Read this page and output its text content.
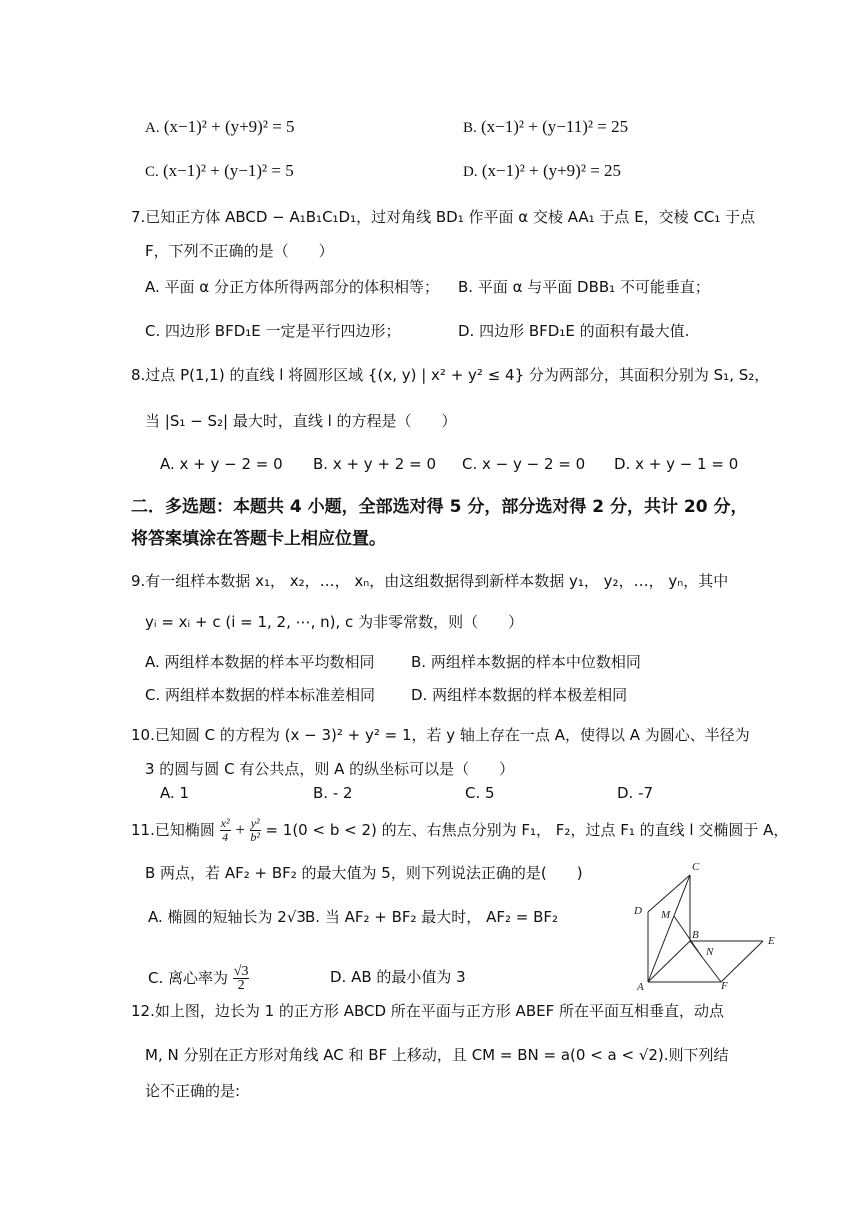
A. (x−1)² + (y+9)² = 5	B. (x−1)² + (y−11)² = 25
C. (x−1)² + (y−1)² = 5	D. (x−1)² + (y+9)² = 25
7.已知正方体 ABCD − A₁B₁C₁D₁，过对角线 BD₁ 作平面 α 交棱 AA₁ 于点 E，交棱 CC₁ 于点
F，下列不正确的是（　　）
A. 平面 α 分正方体所得两部分的体积相等； B. 平面 α 与平面 DBB₁ 不可能垂直；
C. 四边形 BFD₁E 一定是平行四边形；	D. 四边形 BFD₁E 的面积有最大值.
8.过点 P(1,1) 的直线 l 将圆形区域 {(x, y) | x² + y² ≤ 4} 分为两部分，其面积分别为 S₁, S₂，
当 |S₁ − S₂| 最大时，直线 l 的方程是（　　）
A. x + y − 2 = 0 B. x + y + 2 = 0 C. x − y − 2 = 0 D. x + y − 1 = 0
二．多选题：本题共 4 小题，全部选对得 5 分，部分选对得 2 分，共计 20 分，
将答案填涂在答题卡上相应位置。
9.有一组样本数据 x₁， x₂，…， xₙ，由这组数据得到新样本数据 y₁， y₂，…， yₙ，其中
yᵢ = xᵢ + c (i = 1, 2, ⋯, n), c 为非零常数，则（　　）
A. 两组样本数据的样本平均数相同 B. 两组样本数据的样本中位数相同
C. 两组样本数据的样本标准差相同 D. 两组样本数据的样本极差相同
10.已知圆 C 的方程为 (x − 3)² + y² = 1，若 y 轴上存在一点 A，使得以 A 为圆心、半径为
3 的圆与圆 C 有公共点，则 A 的纵坐标可以是（　　）
A. 1	B. - 2	C. 5	D. -7
11.已知椭圆 $\frac{\text{x²}}{4} + \frac{\text{y²}}{\text{b²}} = 1(0 < b < 2)$ 的左、右焦点分别为 F₁， F₂，过点 F₁ 的直线 l 交椭圆于 A，
B 两点，若 AF₂ + BF₂ 的最大值为 5，则下列说法正确的是(　　)
A. 椭圆的短轴长为 2√3 B. 当 AF₂ + BF₂ 最大时， AF₂ = BF₂
C. 离心率为 $\frac{√3}{2}$	D. AB 的最小值为 3
C
D M
B
N
E
A	F
12.如上图，边长为 1 的正方形 ABCD 所在平面与正方形 ABEF 所在平面互相垂直，动点
M, N 分别在正方形对角线 AC 和 BF 上移动，且 CM = BN = a(0 < a < √2).则下列结
论不正确的是:
